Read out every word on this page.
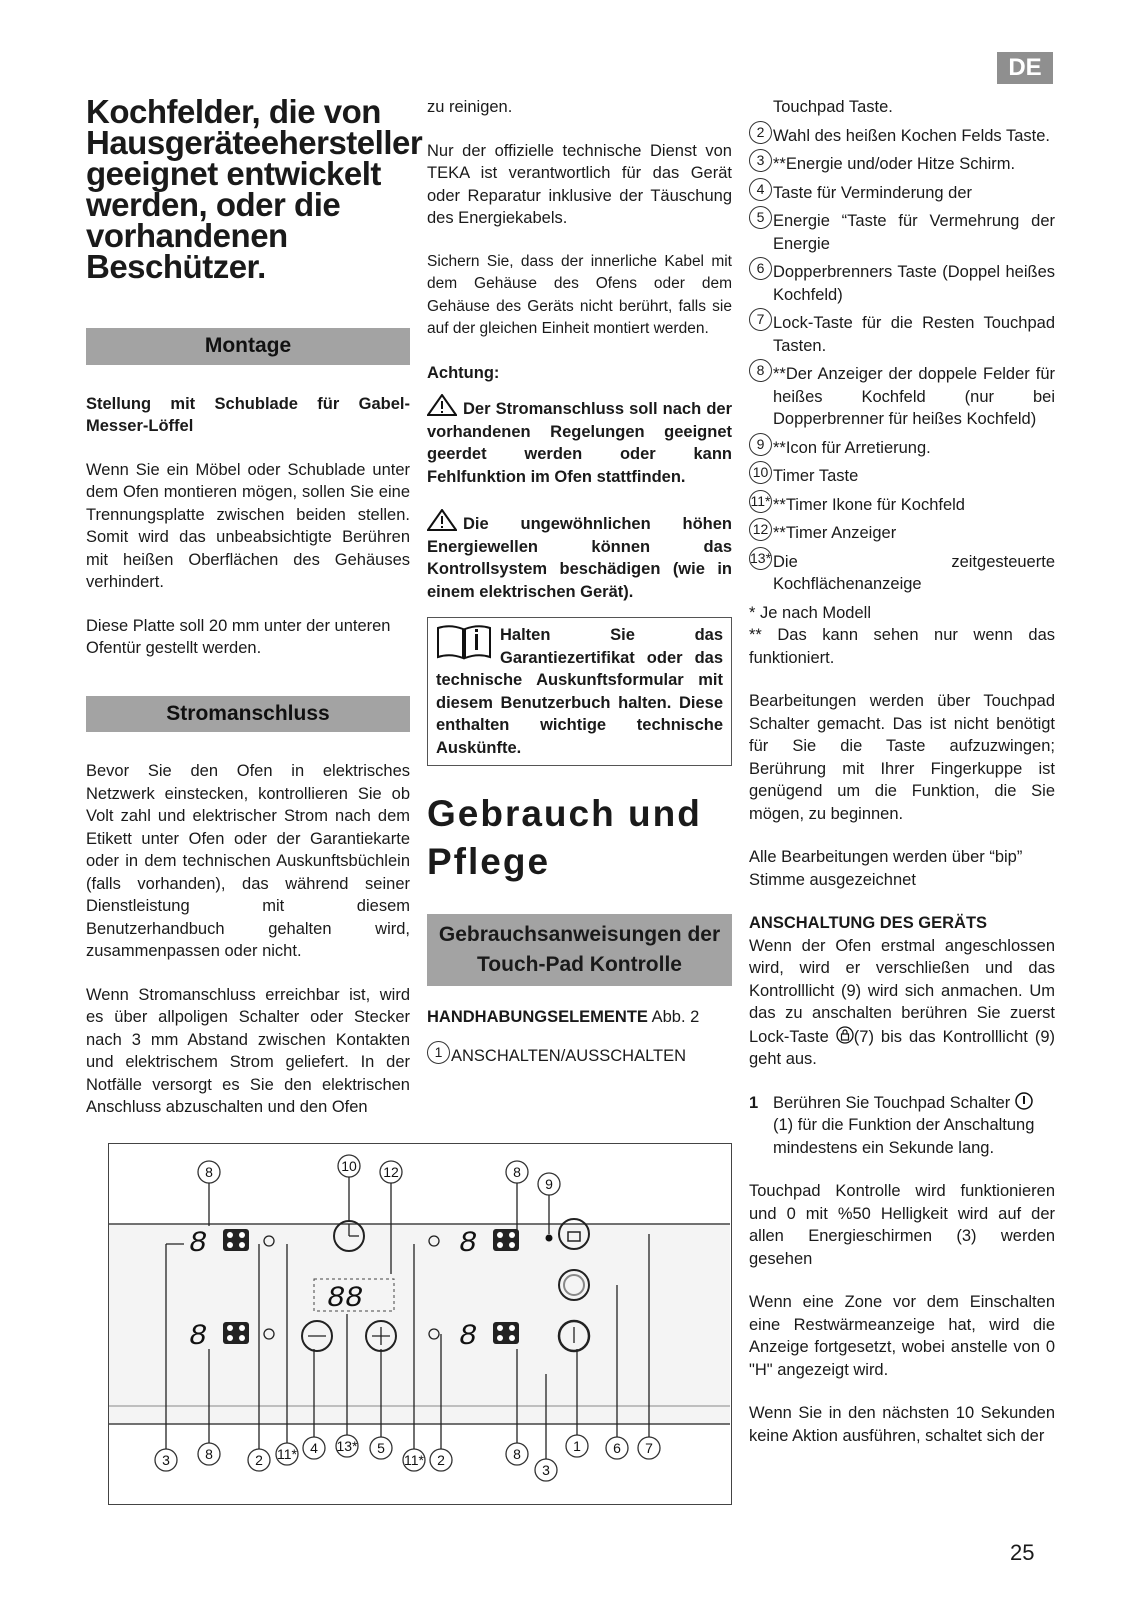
DE
Kochfelder, die von Hausgeräteehersteller geeignet entwickelt werden, oder die vorhandenen Beschützer.
Montage

Stellung mit Schublade für Gabel-Messer-Löffel

Wenn Sie ein Möbel oder Schublade unter dem Ofen montieren mögen, sollen Sie eine Trennungsplatte zwischen beiden stellen. Somit wird das unbeabsichtigte Berühren mit heißen Oberflächen des Gehäuses verhindert.

Diese Platte soll 20 mm unter der unteren Ofentür gestellt werden.

Stromanschluss

Bevor Sie den Ofen in elektrisches Netzwerk einstecken, kontrollieren Sie ob Volt zahl und elektrischer Strom nach dem Etikett unter Ofen oder der Garantiekarte oder in dem technischen Auskunftsbüchlein (falls vorhanden), das während seiner Dienstleistung mit diesem Benutzerhandbuch gehalten wird, zusammenpassen oder nicht.

Wenn Stromanschluss erreichbar ist, wird es über allpoligen Schalter oder Stecker nach 3 mm Abstand zwischen Kontakten und elektrischem Strom geliefert. In der Notfälle versorgt es Sie den elektrischen Anschluss abzuschalten und den Ofen

zu reinigen.

Nur der offizielle technische Dienst von TEKA ist verantwortlich für das Gerät oder Reparatur inklusive der Täuschung des Energiekabels.

Sichern Sie, dass der innerliche Kabel mit dem Gehäuse des Ofens oder dem Gehäuse des Geräts nicht berührt, falls sie auf der gleichen Einheit montiert werden.

Achtung:

Der Stromanschluss soll nach der vorhandenen Regelungen geeignet geerdet werden oder kann Fehlfunktion im Ofen stattfinden.

Die ungewöhnlichen höhen Energiewellen können das Kontrollsystem beschädigen (wie in einem elektrischen Gerät).

Halten Sie das Garantiezertifikat oder das technische Auskunftsformular mit diesem Benutzerbuch halten. Diese enthalten wichtige technische Auskünfte.
Gebrauch und Pflege
Gebrauchsanweisungen der Touch-Pad Kontrolle

HANDHABUNGSELEMENTE Abb. 2

1 ANSCHALTEN/AUSSCHALTEN

Touchpad Taste.

2 Wahl des heißen Kochen Felds Taste.

3 **Energie und/oder Hitze Schirm.

4 Taste für Verminderung der

5 Energie “Taste für Vermehrung der Energie

6 Dopperbrenners Taste (Doppel heißes Kochfeld)

7 Lock-Taste für die Resten Touchpad Tasten.

8 **Der Anzeiger der doppele Felder für heißes Kochfeld (nur bei Dopperbrenner für heißes Kochfeld)

9 **Icon für Arretierung.

10 Timer Taste

11* **Timer Ikone für Kochfeld

12 **Timer Anzeiger

13* Die zeitgesteuerte Kochflächenanzeige

* Je nach Modell

** Das kann sehen nur wenn das funktioniert.

Bearbeitungen werden über Touchpad Schalter gemacht. Das ist nicht benötigt für Sie die Taste aufzuzwingen; Berührung mit Ihrer Fingerkuppe ist genügend um die Funktion, die Sie mögen, zu beginnen.

Alle Bearbeitungen werden über “bip” Stimme ausgezeichnet

ANSCHALTUNG DES GERÄTS

Wenn der Ofen erstmal angeschlossen wird, wird er verschließen und das Kontrolllicht (9) wird sich anmachen. Um das zu anschalten berühren Sie zuerst Lock-Taste (7) bis das Kontrolllicht (9) geht aus.

1 Berühren Sie Touchpad Schalter  (1) für die Funktion der Anschaltung mindestens ein Sekunde lang.

Touchpad Kontrolle wird funktionieren und 0 mit %50 Helligkeit wird auf der allen Energieschirmen (3) werden gesehen

Wenn eine Zone vor dem Einschalten eine Restwärmeanzeige hat, wird die Anzeige fortgesetzt, wobei anstelle von 0 "H" angezeigt wird.

Wenn Sie in den nächsten 10 Sekunden keine Aktion ausführen, schaltet sich der

8
8
8
8
88
8	10 12	8
9
3	8	2 11* 4 13* 5
11* 2	8	1 6 7
3
25
